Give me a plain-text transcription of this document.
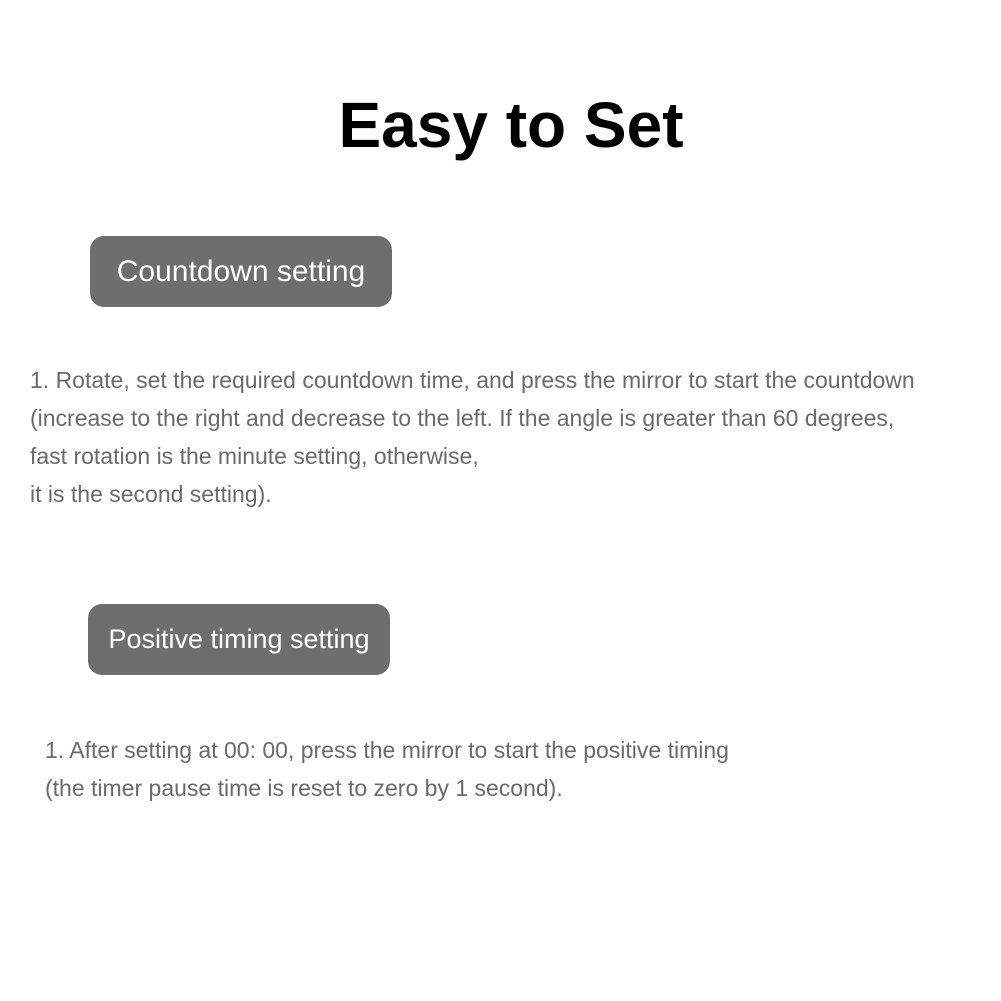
Easy to Set
Countdown setting

1. Rotate, set the required countdown time, and press the mirror to start the countdown
(increase to the right and decrease to the left. If the angle is greater than 60 degrees,
fast rotation is the minute setting, otherwise,
it is the second setting).

Positive timing setting

1. After setting at 00: 00, press the mirror to start the positive timing
(the timer pause time is reset to zero by 1 second).
